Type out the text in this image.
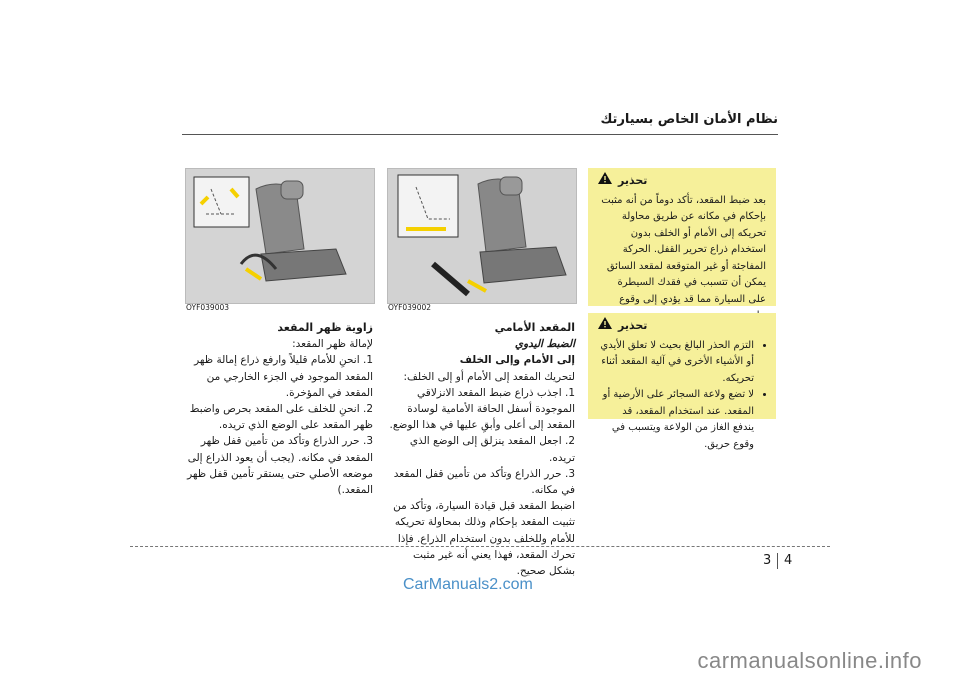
نظام الأمان الخاص بسيارتك
OYF039003	OYF039002
زاوية ظهر المقعد
لإمالة ظهر المقعد:
1. انحنِ للأمام قليلاً وارفع ذراع إمالة ظهر المقعد الموجود في الجزء الخارجي من المقعد في المؤخرة.
2. انحنِ للخلف على المقعد بحرص واضبط ظهر المقعد على الوضع الذي تريده.
3. حرر الذراع وتأكد من تأمين قفل ظهر المقعد في مكانه. (يجب أن يعود الذراع إلى موضعه الأصلي حتى يستقر تأمين قفل ظهر المقعد.)
المقعد الأمامي
الضبط اليدوي
إلى الأمام وإلى الخلف
لتحريك المقعد إلى الأمام أو إلى الخلف:
1. اجذب ذراع ضبط المقعد الانزلاقي الموجودة أسفل الحافة الأمامية لوسادة المقعد إلى أعلى وأبقِ عليها في هذا الوضع.
2. اجعل المقعد ينزلق إلى الوضع الذي تريده.
3. حرر الذراع وتأكد من تأمين قفل المقعد في مكانه.
اضبط المقعد قبل قيادة السيارة، وتأكد من تثبيت المقعد بإحكام وذلك بمحاولة تحريكه للأمام وللخلف بدون استخدام الذراع. فإذا تحرك المقعد، فهذا يعني أنه غير مثبت بشكل صحيح.
تحذير
بعد ضبط المقعد، تأكد دوماً من أنه مثبت بإحكام في مكانه عن طريق محاولة تحريكه إلى الأمام أو الخلف بدون استخدام ذراع تحرير القفل. الحركة المفاجئة أو غير المتوقعة لمقعد السائق يمكن أن تتسبب في فقدك السيطرة على السيارة مما قد يؤدي إلى وقوع
تحذير
• التزم الحذر البالغ بحيث لا تعلق الأيدي أو الأشياء الأخرى في آلية المقعد أثناء تحريكه.
• لا تضع ولاعة السجائر على الأرضية أو المقعد. عند استخدام المقعد، قد يندفع الغاز من الولاعة ويتسبب في وقوع حريق.
3 4
CarManuals2.com
carmanualsonline.info
